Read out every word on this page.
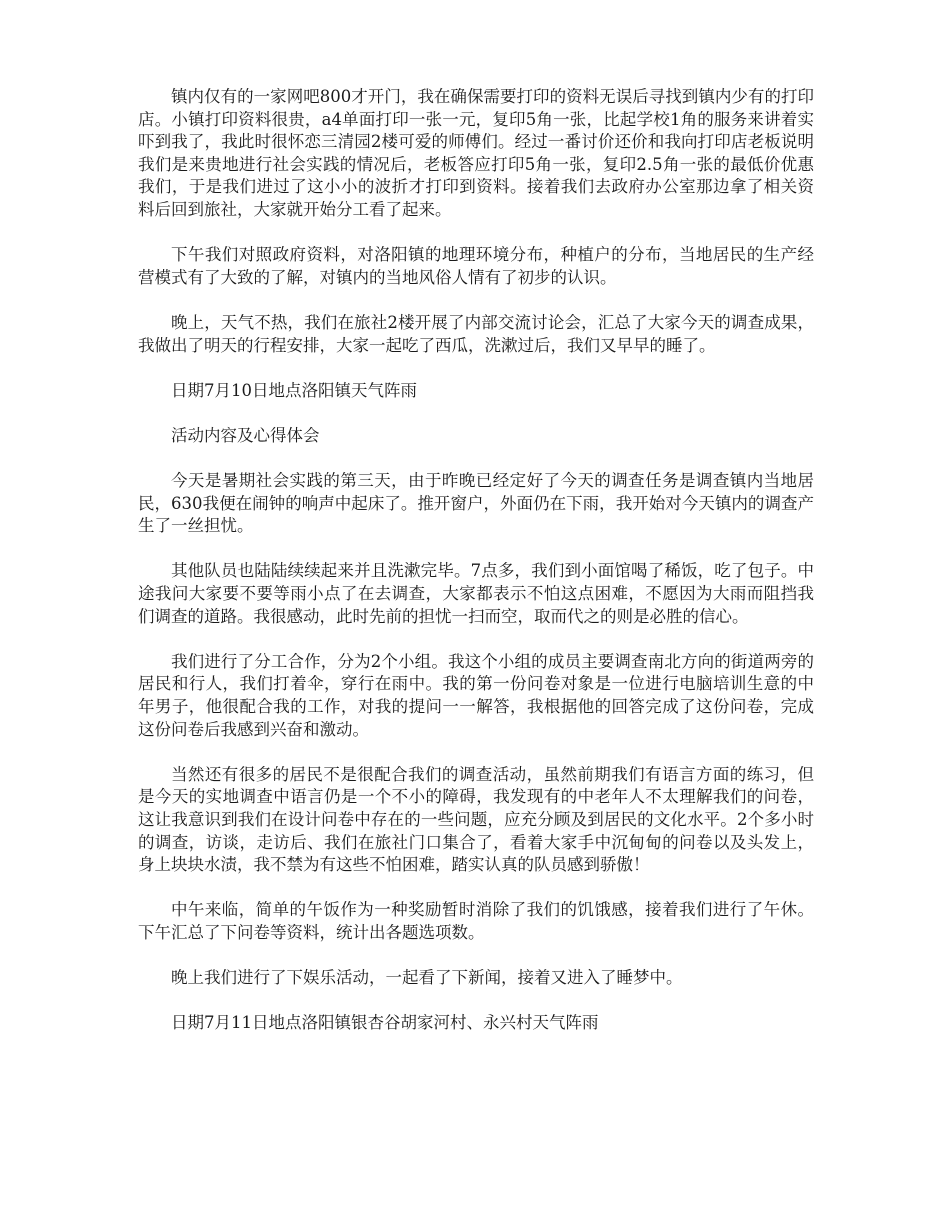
镇内仅有的一家网吧800才开门，我在确保需要打印的资料无误后寻找到镇内少有的打印店。小镇打印资料很贵，a4单面打印一张一元，复印5角一张，比起学校1角的服务来讲着实吓到我了，我此时很怀恋三清园2楼可爱的师傅们。经过一番讨价还价和我向打印店老板说明我们是来贵地进行社会实践的情况后，老板答应打印5角一张，复印2.5角一张的最低价优惠我们，于是我们进过了这小小的波折才打印到资料。接着我们去政府办公室那边拿了相关资料后回到旅社，大家就开始分工看了起来。

下午我们对照政府资料，对洛阳镇的地理环境分布，种植户的分布，当地居民的生产经营模式有了大致的了解，对镇内的当地风俗人情有了初步的认识。

晚上，天气不热，我们在旅社2楼开展了内部交流讨论会，汇总了大家今天的调查成果，我做出了明天的行程安排，大家一起吃了西瓜，洗漱过后，我们又早早的睡了。

日期7月10日地点洛阳镇天气阵雨

活动内容及心得体会

今天是暑期社会实践的第三天，由于昨晚已经定好了今天的调查任务是调查镇内当地居民，630我便在闹钟的响声中起床了。推开窗户，外面仍在下雨，我开始对今天镇内的调查产生了一丝担忧。

其他队员也陆陆续续起来并且洗漱完毕。7点多，我们到小面馆喝了稀饭，吃了包子。中途我问大家要不要等雨小点了在去调查，大家都表示不怕这点困难，不愿因为大雨而阻挡我们调查的道路。我很感动，此时先前的担忧一扫而空，取而代之的则是必胜的信心。

我们进行了分工合作，分为2个小组。我这个小组的成员主要调查南北方向的街道两旁的居民和行人，我们打着伞，穿行在雨中。我的第一份问卷对象是一位进行电脑培训生意的中年男子，他很配合我的工作，对我的提问一一解答，我根据他的回答完成了这份问卷，完成这份问卷后我感到兴奋和激动。

当然还有很多的居民不是很配合我们的调查活动，虽然前期我们有语言方面的练习，但是今天的实地调查中语言仍是一个不小的障碍，我发现有的中老年人不太理解我们的问卷，这让我意识到我们在设计问卷中存在的一些问题，应充分顾及到居民的文化水平。2个多小时的调查，访谈，走访后、我们在旅社门口集合了，看着大家手中沉甸甸的问卷以及头发上，身上块块水渍，我不禁为有这些不怕困难，踏实认真的队员感到骄傲！

中午来临，简单的午饭作为一种奖励暂时消除了我们的饥饿感，接着我们进行了午休。下午汇总了下问卷等资料，统计出各题选项数。

晚上我们进行了下娱乐活动，一起看了下新闻，接着又进入了睡梦中。

日期7月11日地点洛阳镇银杏谷胡家河村、永兴村天气阵雨
